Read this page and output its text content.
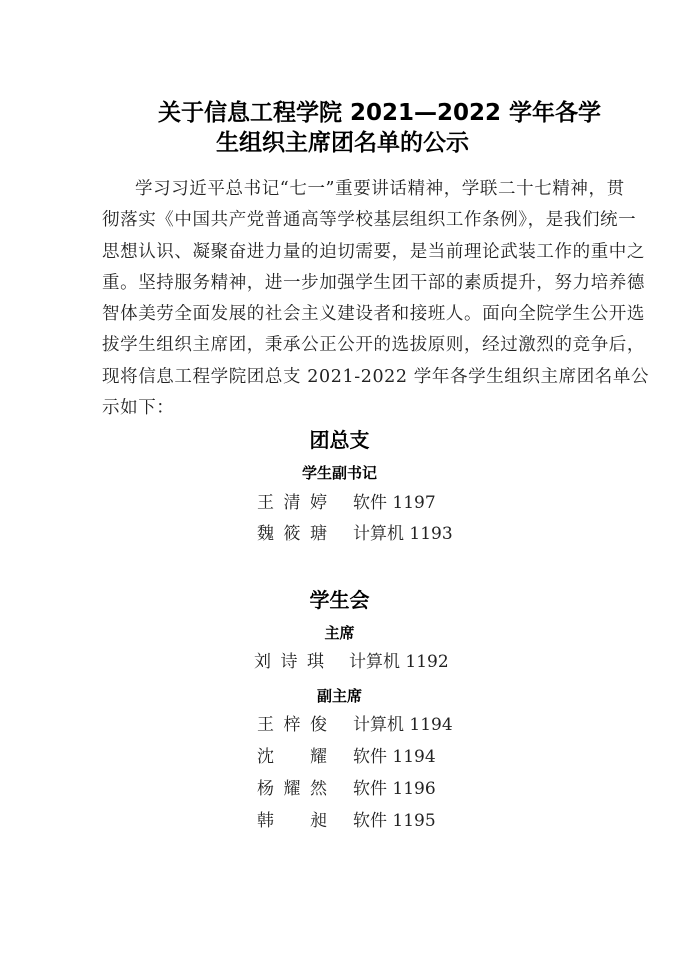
关于信息工程学院 2021—2022 学年各学
生组织主席团名单的公示
学习习近平总书记“七一”重要讲话精神，学联二十七精神，贯
彻落实《中国共产党普通高等学校基层组织工作条例》，是我们统一
思想认识、凝聚奋进力量的迫切需要，是当前理论武装工作的重中之
重。坚持服务精神，进一步加强学生团干部的素质提升，努力培养德
智体美劳全面发展的社会主义建设者和接班人。面向全院学生公开选
拔学生组织主席团，秉承公正公开的选拔原则，经过激烈的竞争后，
现将信息工程学院团总支 2021-2022 学年各学生组织主席团名单公
示如下：
团总支
学生副书记
王 清 婷 软件 1197
魏 筱 瑭 计算机 1193
学生会
主席
刘 诗 琪 计算机 1192
副主席
王 梓 俊 计算机 1194
沈 耀 软件 1194
杨 耀 然 软件 1196
韩 昶 软件 1195
